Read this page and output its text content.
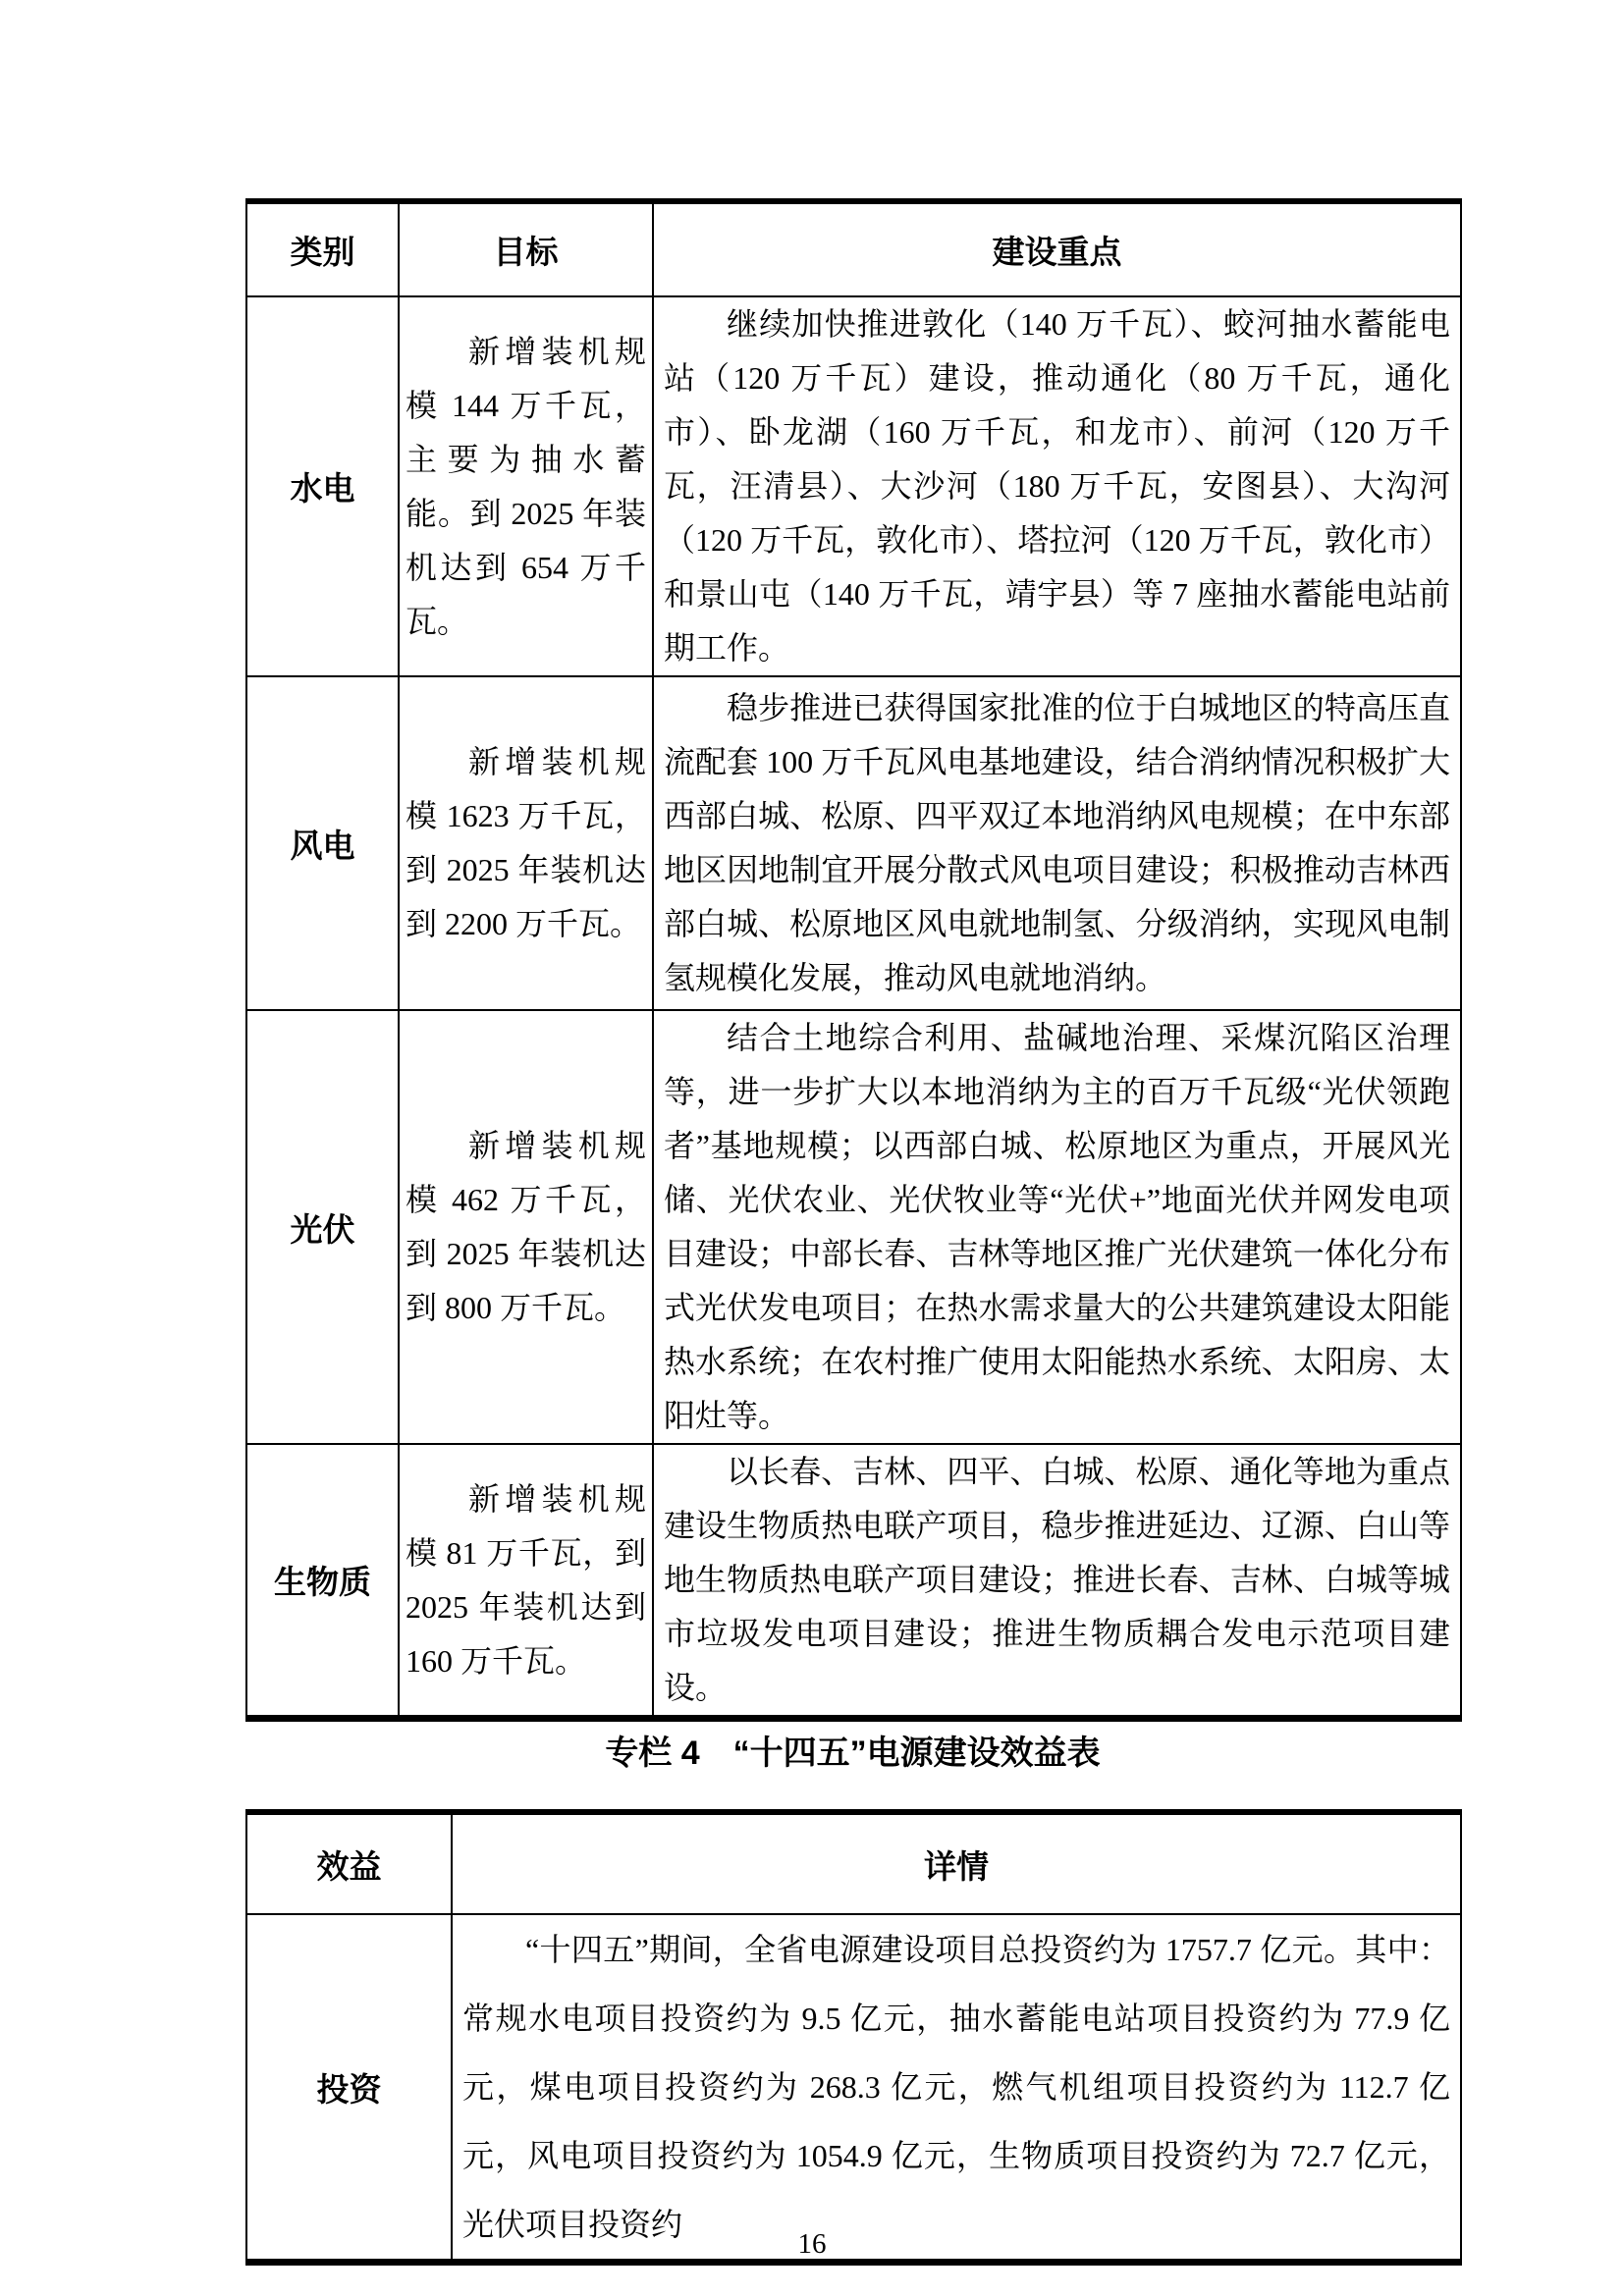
类别	目标	建设重点
水电	新增装机规模 144 万千瓦，主要为抽水蓄能。到 2025 年装机达到 654 万千瓦。	继续加快推进敦化（140 万千瓦）、蛟河抽水蓄能电站（120 万千瓦）建设，推动通化（80 万千瓦，通化市）、卧龙湖（160 万千瓦，和龙市）、前河（120 万千瓦，汪清县）、大沙河（180 万千瓦，安图县）、大沟河（120 万千瓦，敦化市）、塔拉河（120 万千瓦，敦化市）和景山屯（140 万千瓦，靖宇县）等 7 座抽水蓄能电站前期工作。

风电	新增装机规模 1623 万千瓦，到 2025 年装机达到 2200 万千瓦。	稳步推进已获得国家批准的位于白城地区的特高压直流配套 100 万千瓦风电基地建设，结合消纳情况积极扩大西部白城、松原、四平双辽本地消纳风电规模；在中东部地区因地制宜开展分散式风电项目建设；积极推动吉林西部白城、松原地区风电就地制氢、分级消纳，实现风电制氢规模化发展，推动风电就地消纳。

光伏	新增装机规模 462 万千瓦，到 2025 年装机达到 800 万千瓦。	结合土地综合利用、盐碱地治理、采煤沉陷区治理等，进一步扩大以本地消纳为主的百万千瓦级“光伏领跑者”基地规模；以西部白城、松原地区为重点，开展风光储、光伏农业、光伏牧业等“光伏+”地面光伏并网发电项目建设；中部长春、吉林等地区推广光伏建筑一体化分布式光伏发电项目；在热水需求量大的公共建筑建设太阳能热水系统；在农村推广使用太阳能热水系统、太阳房、太阳灶等。

生物质	新增装机规模 81 万千瓦，到 2025 年装机达到 160 万千瓦。	以长春、吉林、四平、白城、松原、通化等地为重点建设生物质热电联产项目，稳步推进延边、辽源、白山等地生物质热电联产项目建设；推进长春、吉林、白城等城市垃圾发电项目建设；推进生物质耦合发电示范项目建设。

专栏 4　“十四五”电源建设效益表
效益	详情
投资	“十四五”期间，全省电源建设项目总投资约为 1757.7 亿元。其中：常规水电项目投资约为 9.5 亿元，抽水蓄能电站项目投资约为 77.9 亿元，煤电项目投资约为 268.3 亿元，燃气机组项目投资约为 112.7 亿元，风电项目投资约为 1054.9 亿元，生物质项目投资约为 72.7 亿元，光伏项目投资约

16
